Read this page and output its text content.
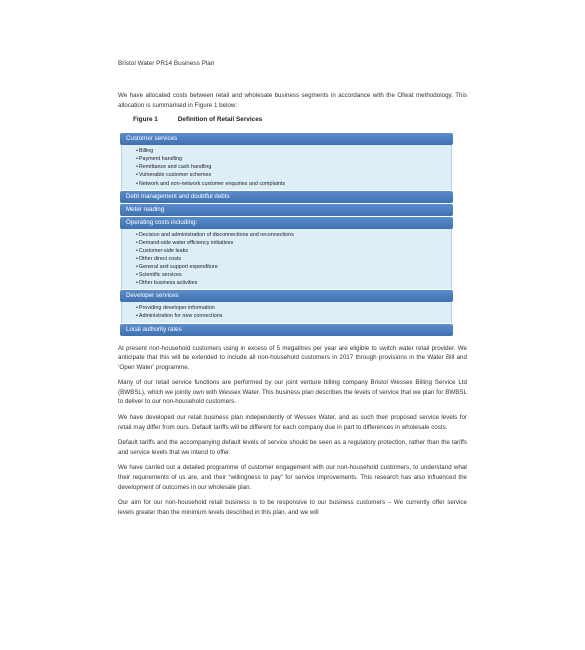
Bristol Water PR14 Business Plan

We have allocated costs between retail and wholesale business segments in accordance with the Ofwat methodology. This allocation is summarised in Figure 1 below:

Figure 1	Definition of Retail Services
Customer services
• Billing
• Payment handling
• Remittance and cash handling
• Vulnerable customer schemes
• Network and non-network customer enquiries and complaints
Debt management and doubtful debts
Meter reading
Operating costs including:
• Decision and administration of disconnections and reconnections
• Demand-side water efficiency initiatives
• Customer-side leaks
• Other direct costs
• General and support expenditure
• Scientific services
• Other business activities
Developer services
• Providing developer information
• Administration for new connections
Local authority rates

At present non-household customers using in excess of 5 megalitres per year are eligible to switch water retail provider. We anticipate that this will be extended to include all non-household customers in 2017 through provisions in the Water Bill and ‘Open Water’ programme.

Many of our retail service functions are performed by our joint venture billing company Bristol Wessex Billing Service Ltd (BWBSL), which we jointly own with Wessex Water. This business plan describes the levels of service that we plan for BWBSL to deliver to our non-household customers.

We have developed our retail business plan independently of Wessex Water, and as such their proposed service levels for retail may differ from ours. Default tariffs will be different for each company due in part to differences in wholesale costs.

Default tariffs and the accompanying default levels of service should be seen as a regulatory protection, rather than the tariffs and service levels that we intend to offer.

We have carried out a detailed programme of customer engagement with our non-household customers, to understand what their requirements of us are, and their “willingness to pay” for service improvements. This research has also influenced the development of outcomes in our wholesale plan.

Our aim for our non-household retail business is to be responsive to our business customers – We currently offer service levels greater than the minimum levels described in this plan, and we will
